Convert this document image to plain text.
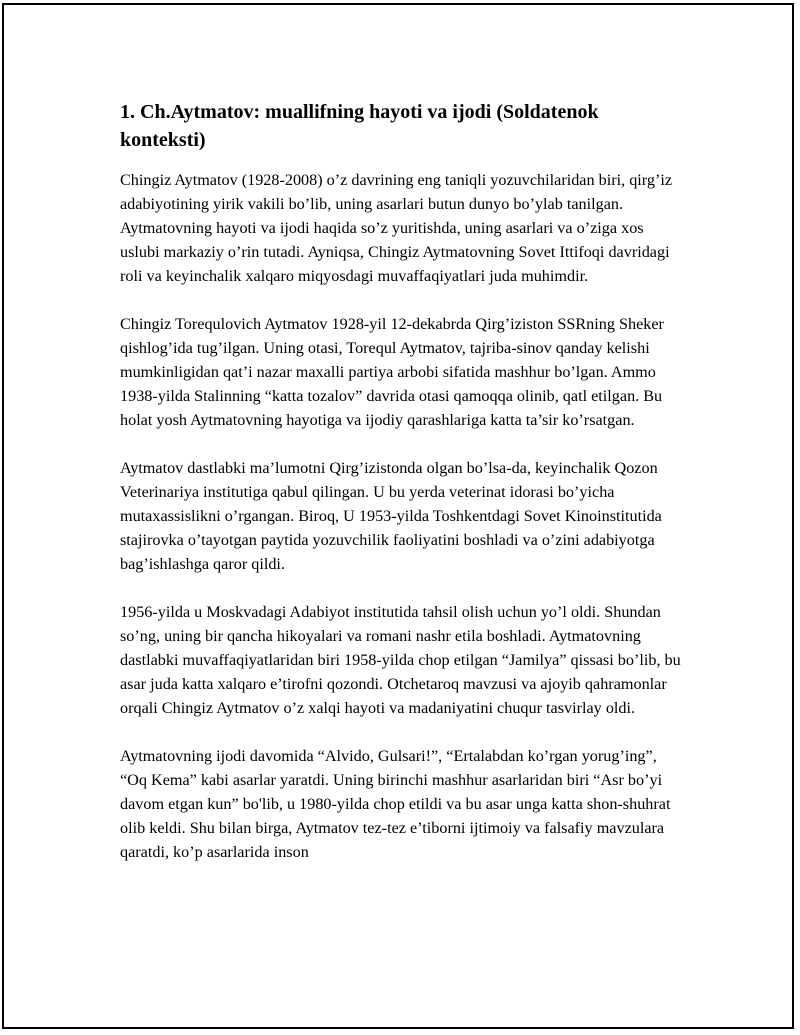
1. Ch.Aytmatov: muallifning hayoti va ijodi (Soldatenok konteksti)

Chingiz Aytmatov (1928-2008) o’z davrining eng taniqli yozuvchilaridan biri, qirg’iz adabiyotining yirik vakili bo’lib, uning asarlari butun dunyo bo’ylab tanilgan. Aytmatovning hayoti va ijodi haqida so’z yuritishda, uning asarlari va o’ziga xos uslubi markaziy o’rin tutadi. Ayniqsa, Chingiz Aytmatovning Sovet Ittifoqi davridagi roli va keyinchalik xalqaro miqyosdagi muvaffaqiyatlari juda muhimdir.

Chingiz Torequlovich Aytmatov 1928-yil 12-dekabrda Qirg’iziston SSRning Sheker qishlog’ida tug’ilgan. Uning otasi, Torequl Aytmatov, tajriba-sinov qanday kelishi mumkinligidan qat’i nazar maxalli partiya arbobi sifatida mashhur bo’lgan. Ammo 1938-yilda Stalinning “katta tozalov” davrida otasi qamoqqa olinib, qatl etilgan. Bu holat yosh Aytmatovning hayotiga va ijodiy qarashlariga katta ta’sir ko’rsatgan.

Aytmatov dastlabki ma’lumotni Qirg’izistonda olgan bo’lsa-da, keyinchalik Qozon Veterinariya institutiga qabul qilingan. U bu yerda veterinat idorasi bo’yicha mutaxassislikni o’rgangan. Biroq, U 1953-yilda Toshkentdagi Sovet Kinoinstitutida stajirovka o’tayotgan paytida yozuvchilik faoliyatini boshladi va o’zini adabiyotga bag’ishlashga qaror qildi.

1956-yilda u Moskvadagi Adabiyot institutida tahsil olish uchun yo’l oldi. Shundan so’ng, uning bir qancha hikoyalari va romani nashr etila boshladi. Aytmatovning dastlabki muvaffaqiyatlaridan biri 1958-yilda chop etilgan “Jamilya” qissasi bo’lib, bu asar juda katta xalqaro e’tirofni qozondi. Otchetaroq mavzusi va ajoyib qahramonlar orqali Chingiz Aytmatov o’z xalqi hayoti va madaniyatini chuqur tasvirlay oldi.

Aytmatovning ijodi davomida “Alvido, Gulsari!”, “Ertalabdan ko’rgan yorug’ing”, “Oq Kema” kabi asarlar yaratdi. Uning birinchi mashhur asarlaridan biri “Asr bo’yi davom etgan kun” bo'lib, u 1980-yilda chop etildi va bu asar unga katta shon-shuhrat olib keldi. Shu bilan birga, Aytmatov tez-tez e’tiborni ijtimoiy va falsafiy mavzulara qaratdi, ko’p asarlarida inson
